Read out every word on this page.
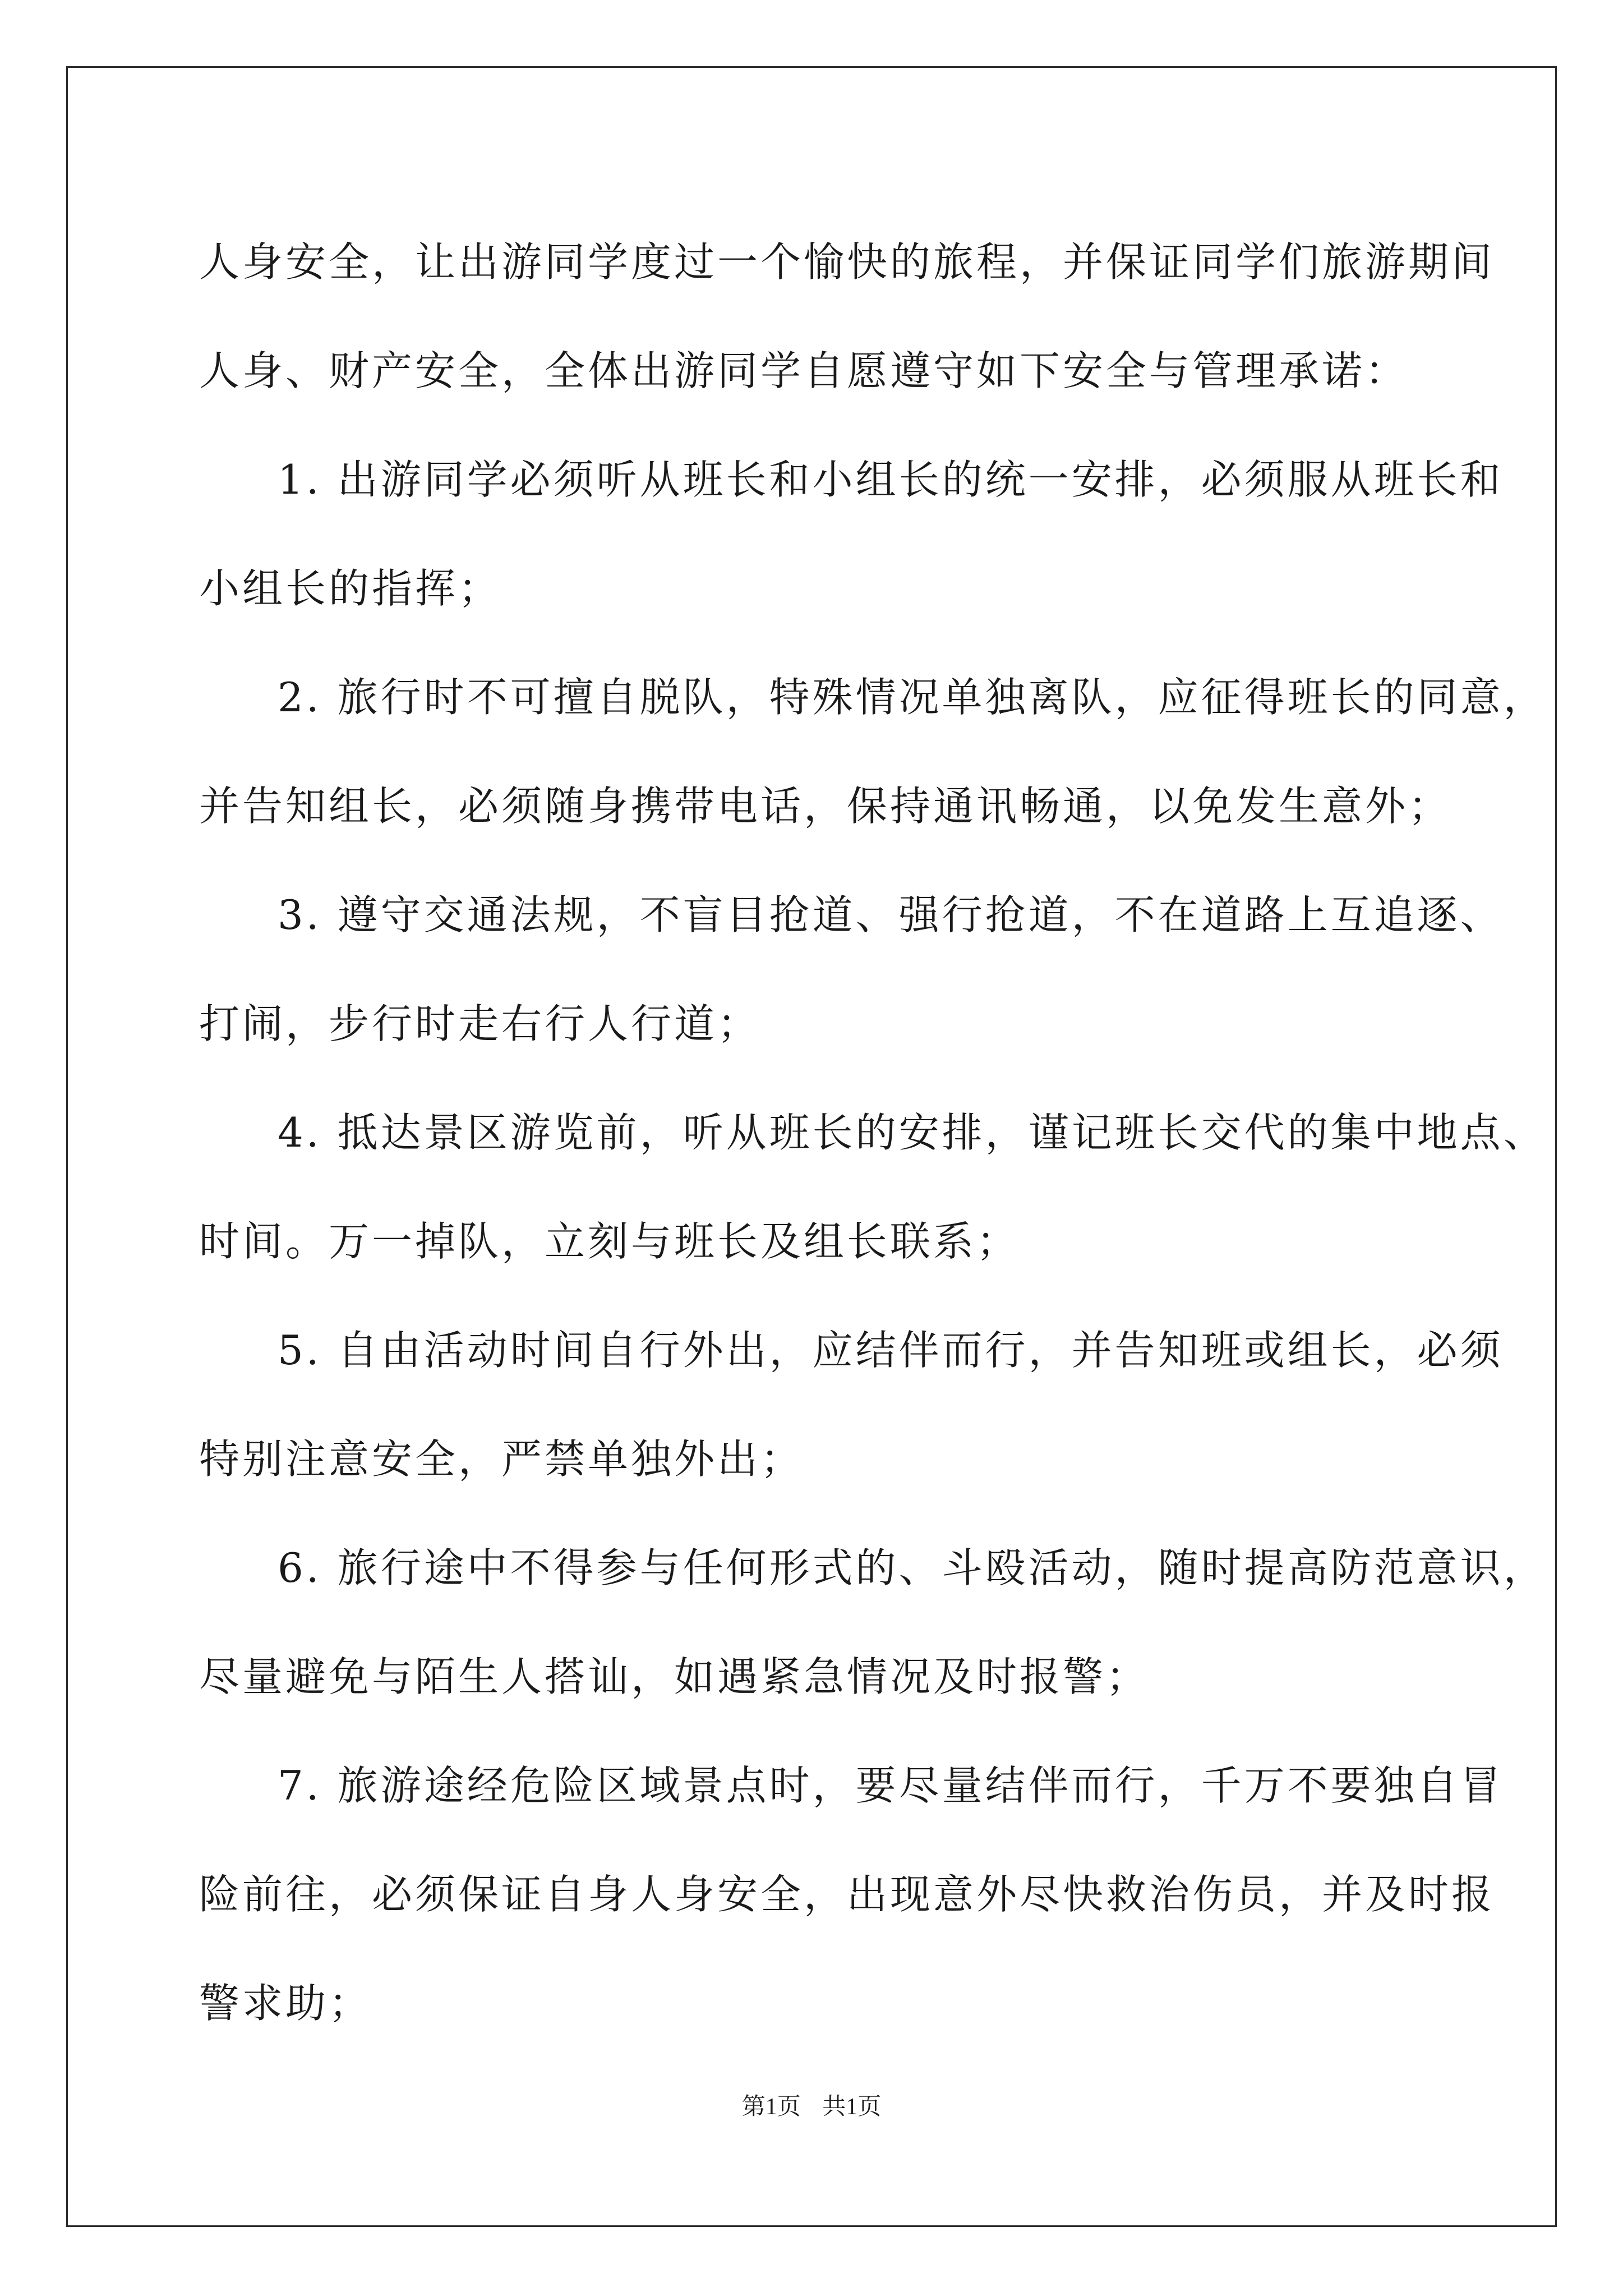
人身安全，让出游同学度过一个愉快的旅程，并保证同学们旅游期间
人身、财产安全，全体出游同学自愿遵守如下安全与管理承诺：
1. 出游同学必须听从班长和小组长的统一安排，必须服从班长和
小组长的指挥；
2. 旅行时不可擅自脱队，特殊情况单独离队，应征得班长的同意，
并告知组长，必须随身携带电话，保持通讯畅通，以免发生意外；
3. 遵守交通法规，不盲目抢道、强行抢道，不在道路上互追逐、
打闹，步行时走右行人行道；
4. 抵达景区游览前，听从班长的安排，谨记班长交代的集中地点、
时间。万一掉队，立刻与班长及组长联系；
5. 自由活动时间自行外出，应结伴而行，并告知班或组长，必须
特别注意安全，严禁单独外出；
6. 旅行途中不得参与任何形式的、斗殴活动，随时提高防范意识，
尽量避免与陌生人搭讪，如遇紧急情况及时报警；
7. 旅游途经危险区域景点时，要尽量结伴而行，千万不要独自冒
险前往，必须保证自身人身安全，出现意外尽快救治伤员，并及时报
警求助；
第1页 共1页
